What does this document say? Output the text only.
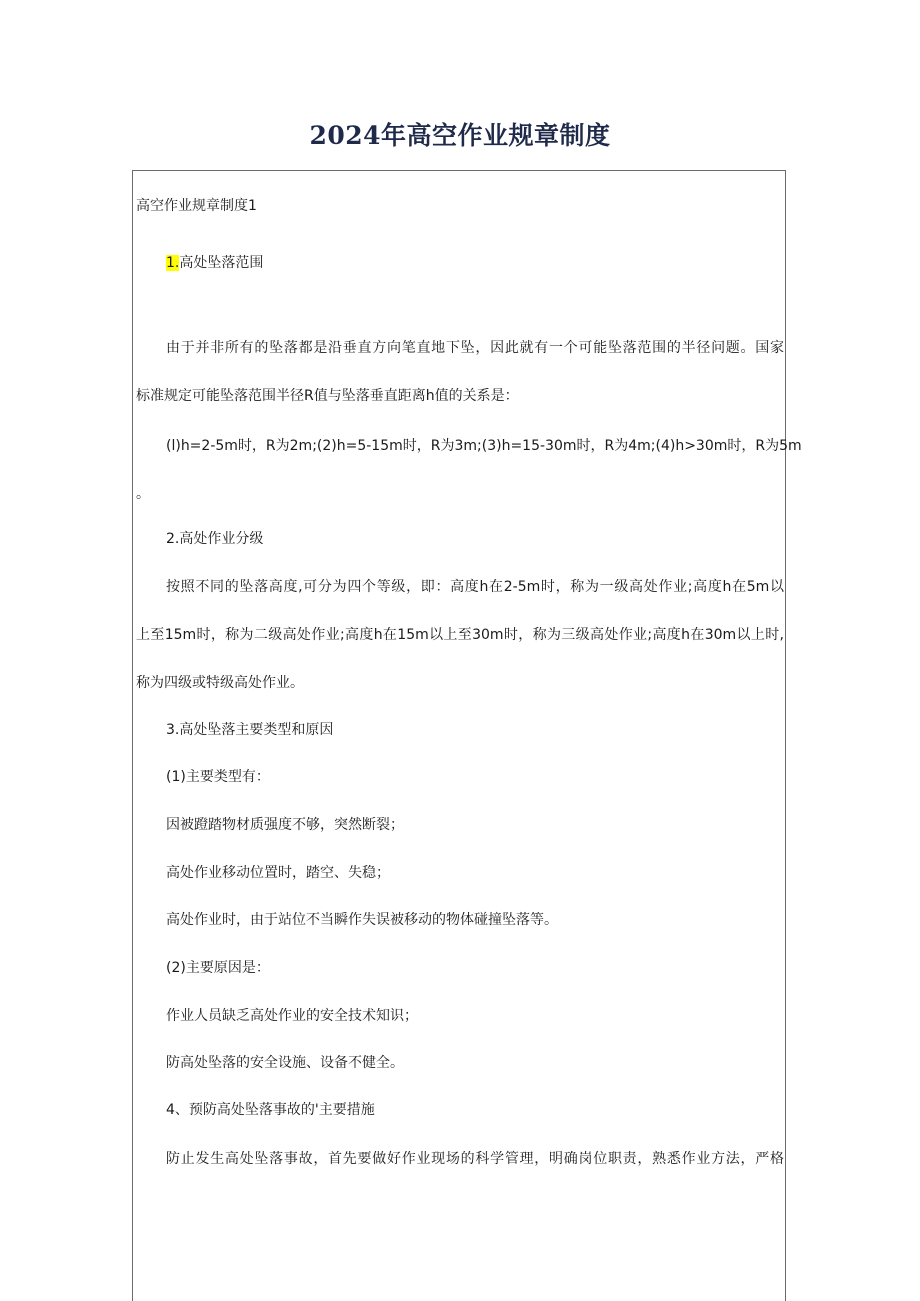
2024年高空作业规章制度

高空作业规章制度1

1.高处坠落范围

由于并非所有的坠落都是沿垂直方向笔直地下坠，因此就有一个可能坠落范围的半径问题。国家

标准规定可能坠落范围半径R值与坠落垂直距离h值的关系是：

(l)h=2-5m时，R为2m;(2)h=5-15m时，R为3m;(3)h=15-30m时，R为4m;(4)h>30m时，R为5m

。

2.高处作业分级

按照不同的坠落高度,可分为四个等级，即：高度h在2-5m时，称为一级高处作业;高度h在5m以

上至15m时，称为二级高处作业;高度h在15m以上至30m时，称为三级高处作业;高度h在30m以上时,

称为四级或特级高处作业。

3.高处坠落主要类型和原因

(1)主要类型有：

因被蹬踏物材质强度不够，突然断裂；

高处作业移动位置时，踏空、失稳；

高处作业时，由于站位不当瞬作失误被移动的物体碰撞坠落等。

(2)主要原因是：

作业人员缺乏高处作业的安全技术知识；

防高处坠落的安全设施、设备不健全。

4、预防高处坠落事故的'主要措施

防止发生高处坠落事故，首先要做好作业现场的科学管理，明确岗位职责，熟悉作业方法，严格
